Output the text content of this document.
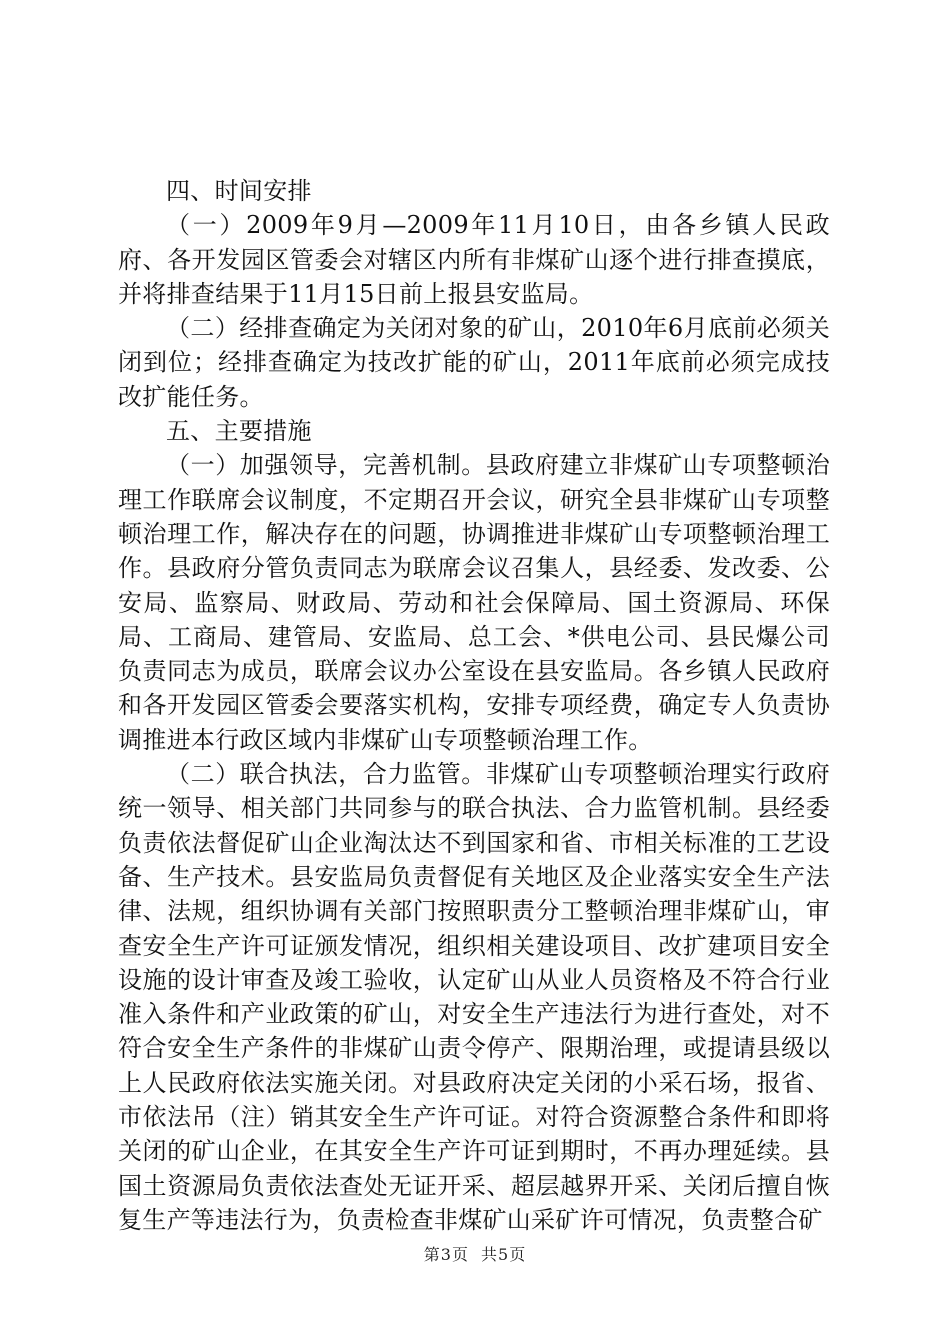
四、时间安排

（一）2009年9月—2009年11月10日，由各乡镇人民政府、各开发园区管委会对辖区内所有非煤矿山逐个进行排查摸底，并将排查结果于11月15日前上报县安监局。

（二）经排查确定为关闭对象的矿山，2010年6月底前必须关闭到位；经排查确定为技改扩能的矿山，2011年底前必须完成技改扩能任务。

五、主要措施

（一）加强领导，完善机制。县政府建立非煤矿山专项整顿治理工作联席会议制度，不定期召开会议，研究全县非煤矿山专项整顿治理工作，解决存在的问题，协调推进非煤矿山专项整顿治理工作。县政府分管负责同志为联席会议召集人，县经委、发改委、公安局、监察局、财政局、劳动和社会保障局、国土资源局、环保局、工商局、建管局、安监局、总工会、*供电公司、县民爆公司负责同志为成员，联席会议办公室设在县安监局。各乡镇人民政府和各开发园区管委会要落实机构，安排专项经费，确定专人负责协调推进本行政区域内非煤矿山专项整顿治理工作。

（二）联合执法，合力监管。非煤矿山专项整顿治理实行政府统一领导、相关部门共同参与的联合执法、合力监管机制。县经委负责依法督促矿山企业淘汰达不到国家和省、市相关标准的工艺设备、生产技术。县安监局负责督促有关地区及企业落实安全生产法律、法规，组织协调有关部门按照职责分工整顿治理非煤矿山，审查安全生产许可证颁发情况，组织相关建设项目、改扩建项目安全设施的设计审查及竣工验收，认定矿山从业人员资格及不符合行业准入条件和产业政策的矿山，对安全生产违法行为进行查处，对不符合安全生产条件的非煤矿山责令停产、限期治理，或提请县级以上人民政府依法实施关闭。对县政府决定关闭的小采石场，报省、市依法吊（注）销其安全生产许可证。对符合资源整合条件和即将关闭的矿山企业，在其安全生产许可证到期时，不再办理延续。县国土资源局负责依法查处无证开采、超层越界开采、关闭后擅自恢复生产等违法行为，负责检查非煤矿山采矿许可情况，负责整合矿

第3页 共5页
